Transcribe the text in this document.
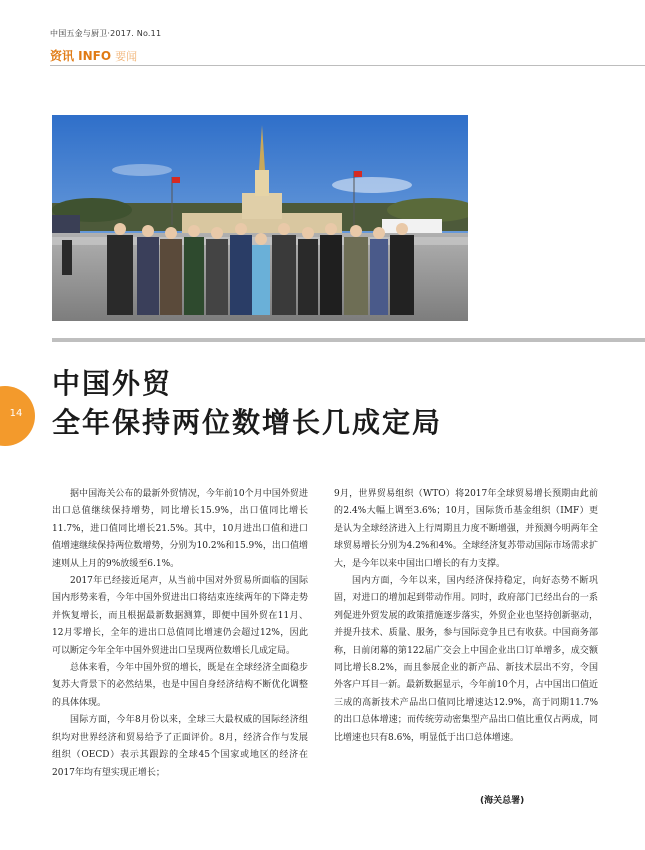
中国五金与厨卫·2017. No.11
资讯 INFO 要闻
14
中国外贸
全年保持两位数增长几成定局

据中国海关公布的最新外贸情况，今年前10个月中国外贸进出口总值继续保持增势，同比增长15.9%，出口值同比增长11.7%，进口值同比增长21.5%。其中，10月进出口值和进口值增速继续保持两位数增势，分别为10.2%和15.9%，出口值增速则从上月的9%放缓至6.1%。

2017年已经接近尾声，从当前中国对外贸易所面临的国际国内形势来看，今年中国外贸进出口将结束连续两年的下降走势并恢复增长，而且根据最新数据测算，即便中国外贸在11月、12月零增长，全年的进出口总值同比增速仍会超过12%，因此可以断定今年全年中国外贸进出口呈现两位数增长几成定局。

总体来看，今年中国外贸的增长，既是在全球经济全面稳步复苏大背景下的必然结果，也是中国自身经济结构不断优化调整的具体体现。

国际方面，今年8月份以来，全球三大最权威的国际经济组织均对世界经济和贸易给予了正面评价。8月，经济合作与发展组织（OECD）表示其跟踪的全球45个国家或地区的经济在2017年均有望实现正增长；

9月，世界贸易组织（WTO）将2017年全球贸易增长预期由此前的2.4%大幅上调至3.6%；10月，国际货币基金组织（IMF）更是认为全球经济进入上行周期且力度不断增强，并预测今明两年全球贸易增长分别为4.2%和4%。全球经济复苏带动国际市场需求扩大，是今年以来中国出口增长的有力支撑。

国内方面，今年以来，国内经济保持稳定，向好态势不断巩固，对进口的增加起到带动作用。同时，政府部门已经出台的一系列促进外贸发展的政策措施逐步落实，外贸企业也坚持创新驱动，并提升技术、质量、服务，参与国际竞争且已有收获。中国商务部称，日前闭幕的第122届广交会上中国企业出口订单增多，成交额同比增长8.2%，而且参展企业的新产品、新技术层出不穷，令国外客户耳目一新。最新数据显示，今年前10个月，占中国出口值近三成的高新技术产品出口值同比增速达12.9%，高于同期11.7%的出口总体增速；而传统劳动密集型产品出口值比重仅占两成，同比增速也只有8.6%，明显低于出口总体增速。

(海关总署)
